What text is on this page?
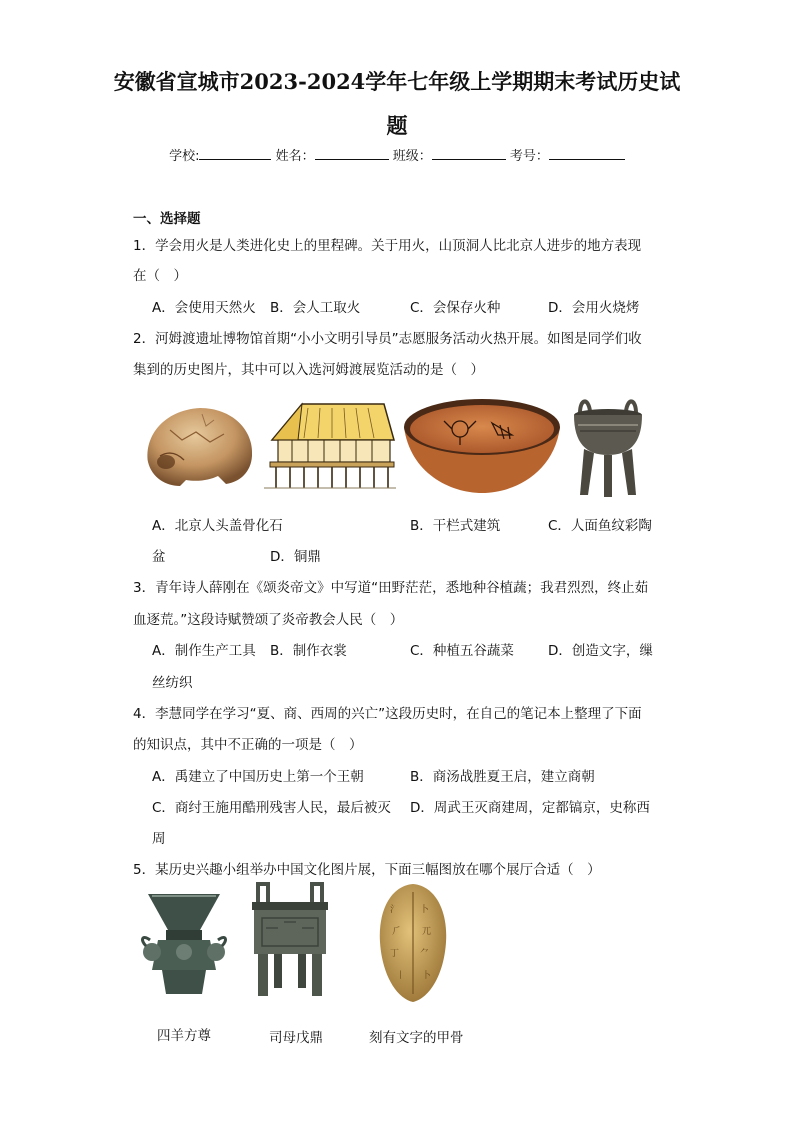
安徽省宣城市2023-2024学年七年级上学期期末考试历史试
题
学校:	姓名：	班级：	考号：
一、选择题
1．学会用火是人类进化史上的里程碑。关于用火，山顶洞人比北京人进步的地方表现
在（　）
A．会使用天然火 B．会人工取火	C．会保存火种	D．会用火烧烤
2．河姆渡遗址博物馆首期“小小文明引导员”志愿服务活动火热开展。如图是同学们收
集到的历史图片，其中可以入选河姆渡展览活动的是（　）
A．北京人头盖骨化石	B．干栏式建筑	C．人面鱼纹彩陶
盆	D．铜鼎
3．青年诗人薛刚在《颂炎帝文》中写道“田野茫茫，悉地种谷植蔬；我君烈烈，终止茹
血逐荒。”这段诗赋赞颂了炎帝教会人民（　）
A．制作生产工具 B．制作衣裳	C．种植五谷蔬菜	D．创造文字，缫
丝纺织
4．李慧同学在学习“夏、商、西周的兴亡”这段历史时，在自己的笔记本上整理了下面
的知识点，其中不正确的一项是（　）
A．禹建立了中国历史上第一个王朝	B．商汤战胜夏王启，建立商朝
C．商纣王施用酷刑残害人民，最后被灭 D．周武王灭商建周，定都镐京，史称西
周
5．某历史兴趣小组举办中国文化图片展，下面三幅图放在哪个展厅合适（　）
⺡ 卜
⺁ 兀
丁 ⺈
丨 卜
四羊方尊	司母戊鼎	刻有文字的甲骨
